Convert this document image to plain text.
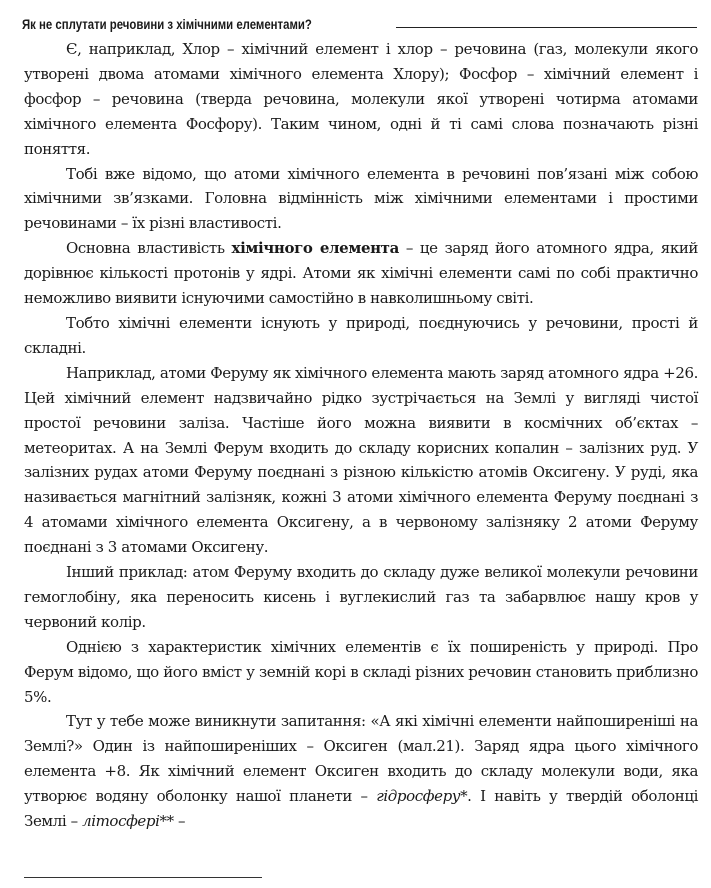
Як не сплутати речовини з хімічними елементами?

Є, наприклад, Хлор – хімічний елемент і хлор – речовина (газ, молекули якого утворені двома атомами хімічного елемента Хлору); Фосфор – хімічний елемент і фосфор – речовина (тверда речовина, молекули якої утворені чотирма атомами хімічного елемента Фосфору). Таким чином, одні й ті самі слова позначають різні поняття.

Тобі вже відомо, що атоми хімічного елемента в речовині пов’язані між собою хімічними зв’язками. Головна відмінність між хімічними елементами і простими речовинами – їх різні властивості.

Основна властивість хімічного елемента – це заряд його атомного ядра, який дорівнює кількості протонів у ядрі. Атоми як хімічні елементи самі по собі практично неможливо виявити існуючими самостійно в навколишньому світі.

Тобто хімічні елементи існують у природі, поєднуючись у речовини, прості й складні.

Наприклад, атоми Феруму як хімічного елемента мають заряд атомного ядра +26. Цей хімічний елемент надзвичайно рідко зустрічається на Землі у вигляді чистої простої речовини заліза. Частіше його можна виявити в космічних об’єктах – метеоритах. А на Землі Ферум входить до складу корисних копалин – залізних руд. У залізних рудах атоми Феруму поєднані з різною кількістю атомів Оксигену. У руді, яка називається магнітний залізняк, кожні 3 атоми хімічного елемента Феруму поєднані з 4 атомами хімічного елемента Оксигену, а в червоному залізняку 2 атоми Феруму поєднані з 3 атомами Оксигену.

Інший приклад: атом Феруму входить до складу дуже великої молекули речовини гемоглобіну, яка переносить кисень і вуглекислий газ та забарвлює нашу кров у червоний колір.

Однією з характеристик хімічних елементів є їх поширеність у природі. Про Ферум відомо, що його вміст у земній корі в складі різних речовин становить приблизно 5%.

Тут у тебе може виникнути запитання: «А які хімічні елементи найпоширеніші на Землі?» Один із найпоширеніших – Оксиген (мал.21). Заряд ядра цього хімічного елемента +8. Як хімічний елемент Оксиген входить до складу молекули води, яка утворює водяну оболонку нашої планети – гідросферу*. І навіть у твердій оболонці Землі – літосфері** –
